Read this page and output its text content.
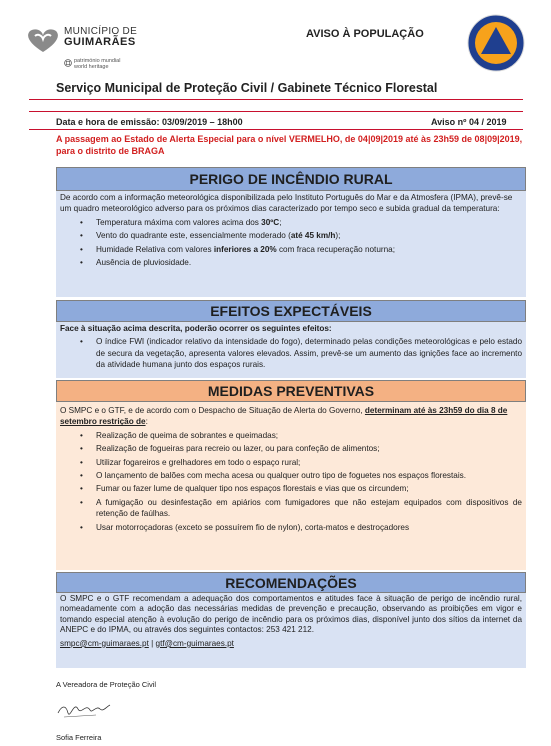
MUNICÍPIO DE
GUIMARÃES
património mundial
world heritage
AVISO À POPULAÇÃO
Serviço Municipal de Proteção Civil / Gabinete Técnico Florestal
Data e hora de emissão: 03/09/2019 – 18h00	Aviso nº 04 / 2019
A passagem ao Estado de Alerta Especial para o nível VERMELHO, de 04|09|2019 até às 23h59 de 08|09|2019, para o distrito de BRAGA
PERIGO DE INCÊNDIO RURAL

De acordo com a informação meteorológica disponibilizada pelo Instituto Português do Mar e da Atmosfera (IPMA), prevê-se um quadro meteorológico adverso para os próximos dias caracterizado por tempo seco e subida gradual da temperatura:

• Temperatura máxima com valores acima dos 30ºC;
• Vento do quadrante este, essencialmente moderado (até 45 km/h);
• Humidade Relativa com valores inferiores a 20% com fraca recuperação noturna;
• Ausência de pluviosidade.
EFEITOS EXPECTÁVEIS

Face à situação acima descrita, poderão ocorrer os seguintes efeitos:

• O índice FWI (indicador relativo da intensidade do fogo), determinado pelas condições meteorológicas e pelo estado de secura da vegetação, apresenta valores elevados. Assim, prevê-se um aumento das ignições face ao incremento da atividade humana junto dos espaços rurais.
MEDIDAS PREVENTIVAS

O SMPC e o GTF, e de acordo com o Despacho de Situação de Alerta do Governo, determinam até às 23h59 do dia 8 de setembro restrição de:

• Realização de queima de sobrantes e queimadas;
• Realização de fogueiras para recreio ou lazer, ou para confeção de alimentos;
• Utilizar fogareiros e grelhadores em todo o espaço rural;
• O lançamento de balões com mecha acesa ou qualquer outro tipo de foguetes nos espaços florestais.
• Fumar ou fazer lume de qualquer tipo nos espaços florestais e vias que os circundem;
• A fumigação ou desinfestação em apiários com fumigadores que não estejam equipados com dispositivos de retenção de faúlhas.
• Usar motorroçadoras (exceto se possuírem fio de nylon), corta-matos e destroçadores
RECOMENDAÇÕES

O SMPC e o GTF recomendam a adequação dos comportamentos e atitudes face à situação de perigo de incêndio rural, nomeadamente com a adoção das necessárias medidas de prevenção e precaução, observando as proibições em vigor e tomando especial atenção à evolução do perigo de incêndio para os próximos dias, disponível junto dos sítios da internet da ANEPC e do IPMA, ou através dos seguintes contactos: 253 421 212.

smpc@cm-guimaraes.pt | gtf@cm-guimaraes.pt

A Vereadora de Proteção Civil
Sofia Ferreira
